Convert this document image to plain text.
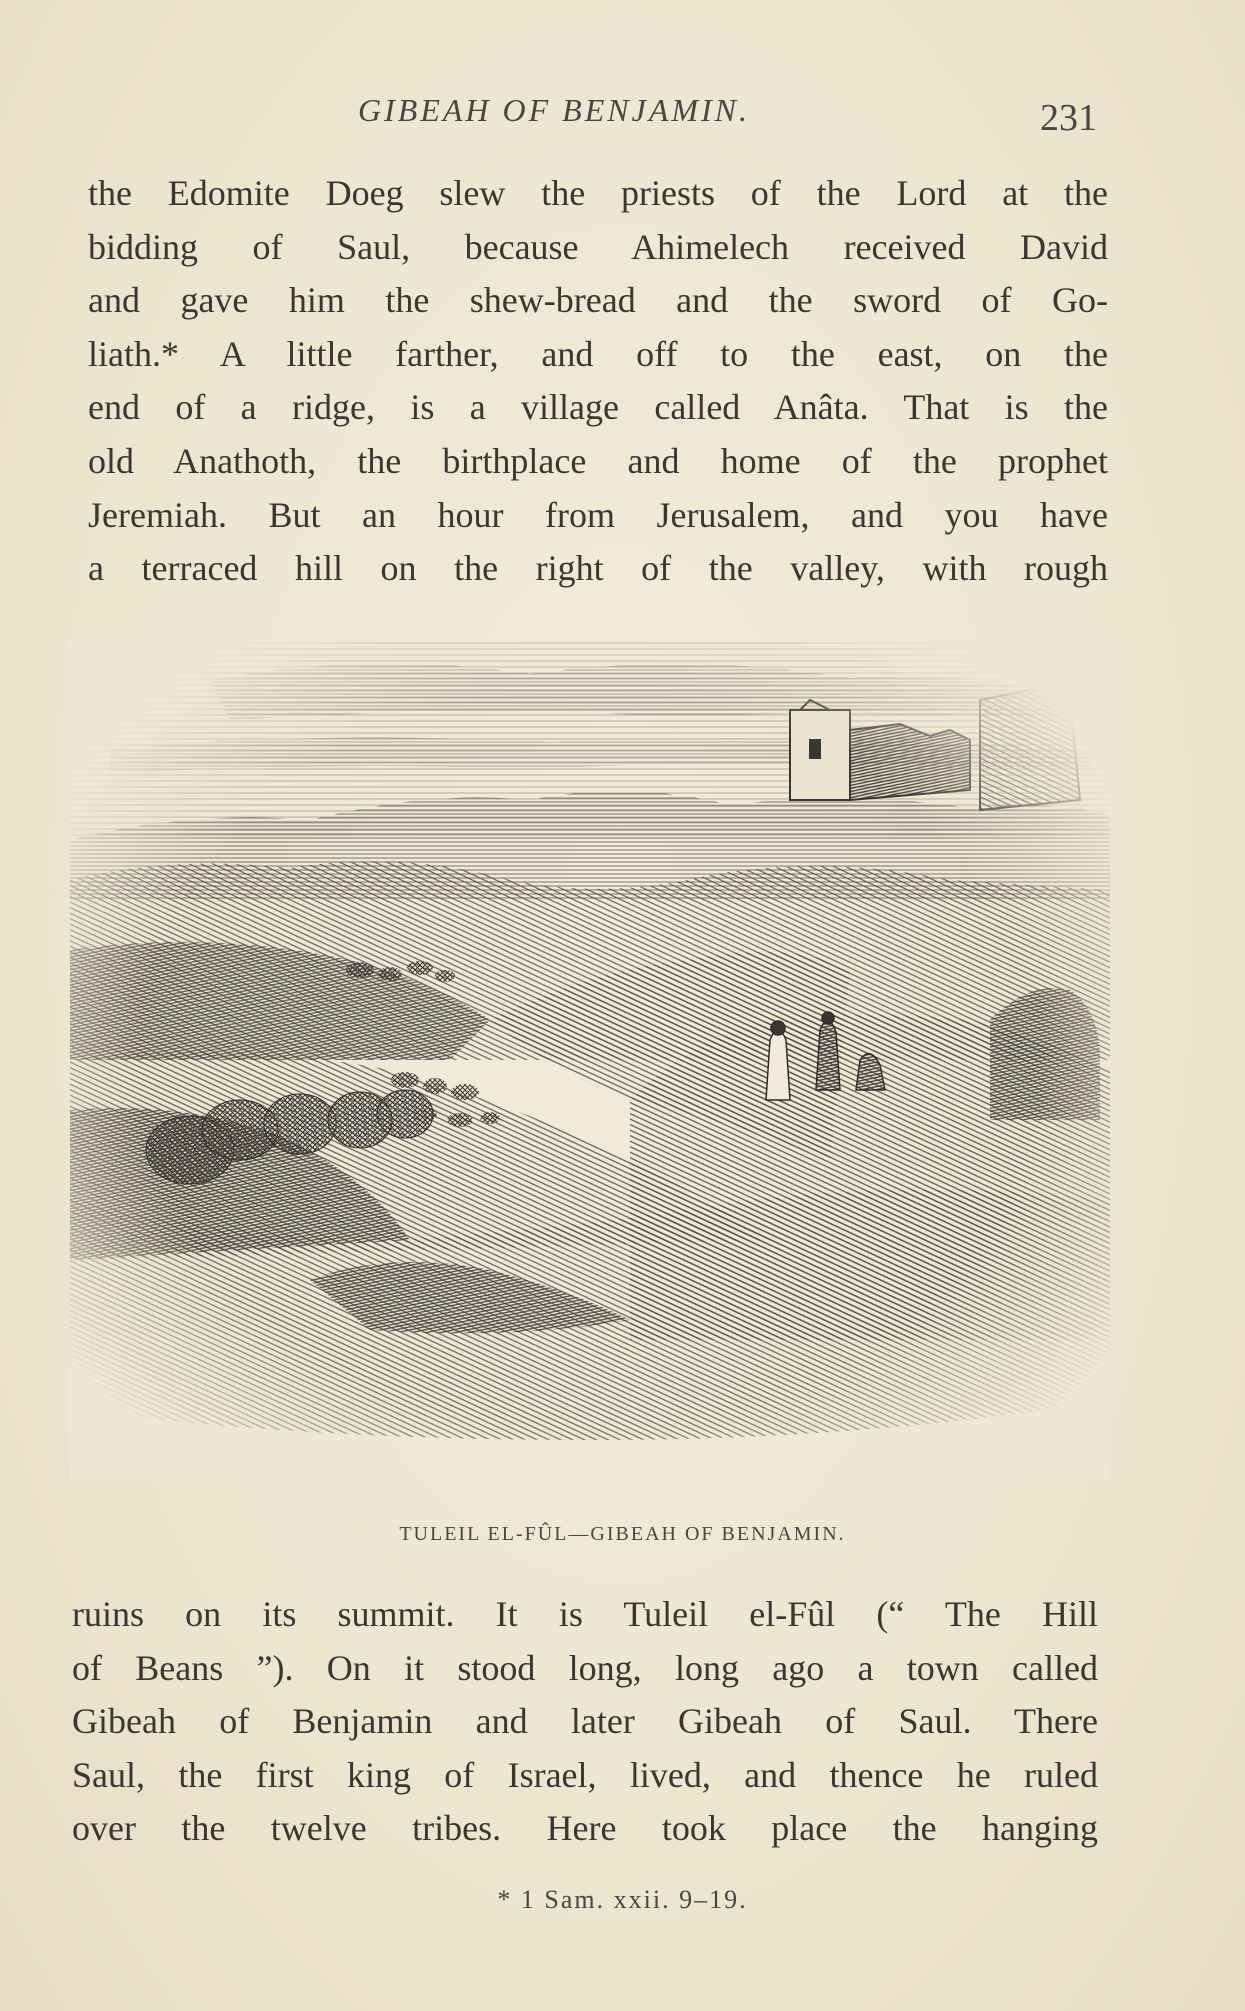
GIBEAH OF BENJAMIN.	231

the Edomite Doeg slew the priests of the Lord at the
bidding of Saul, because Ahimelech received David
and gave him the shew-bread and the sword of Go-
liath.* A little farther, and off to the east, on the
end of a ridge, is a village called Anâta. That is the
old Anathoth, the birthplace and home of the prophet
Jeremiah. But an hour from Jerusalem, and you have
a terraced hill on the right of the valley, with rough

TULEIL EL-FÛL—GIBEAH OF BENJAMIN.

ruins on its summit. It is Tuleil el-Fûl (“ The Hill
of Beans ”). On it stood long, long ago a town called
Gibeah of Benjamin and later Gibeah of Saul. There
Saul, the first king of Israel, lived, and thence he ruled
over the twelve tribes. Here took place the hanging

* 1 Sam. xxii. 9–19.
